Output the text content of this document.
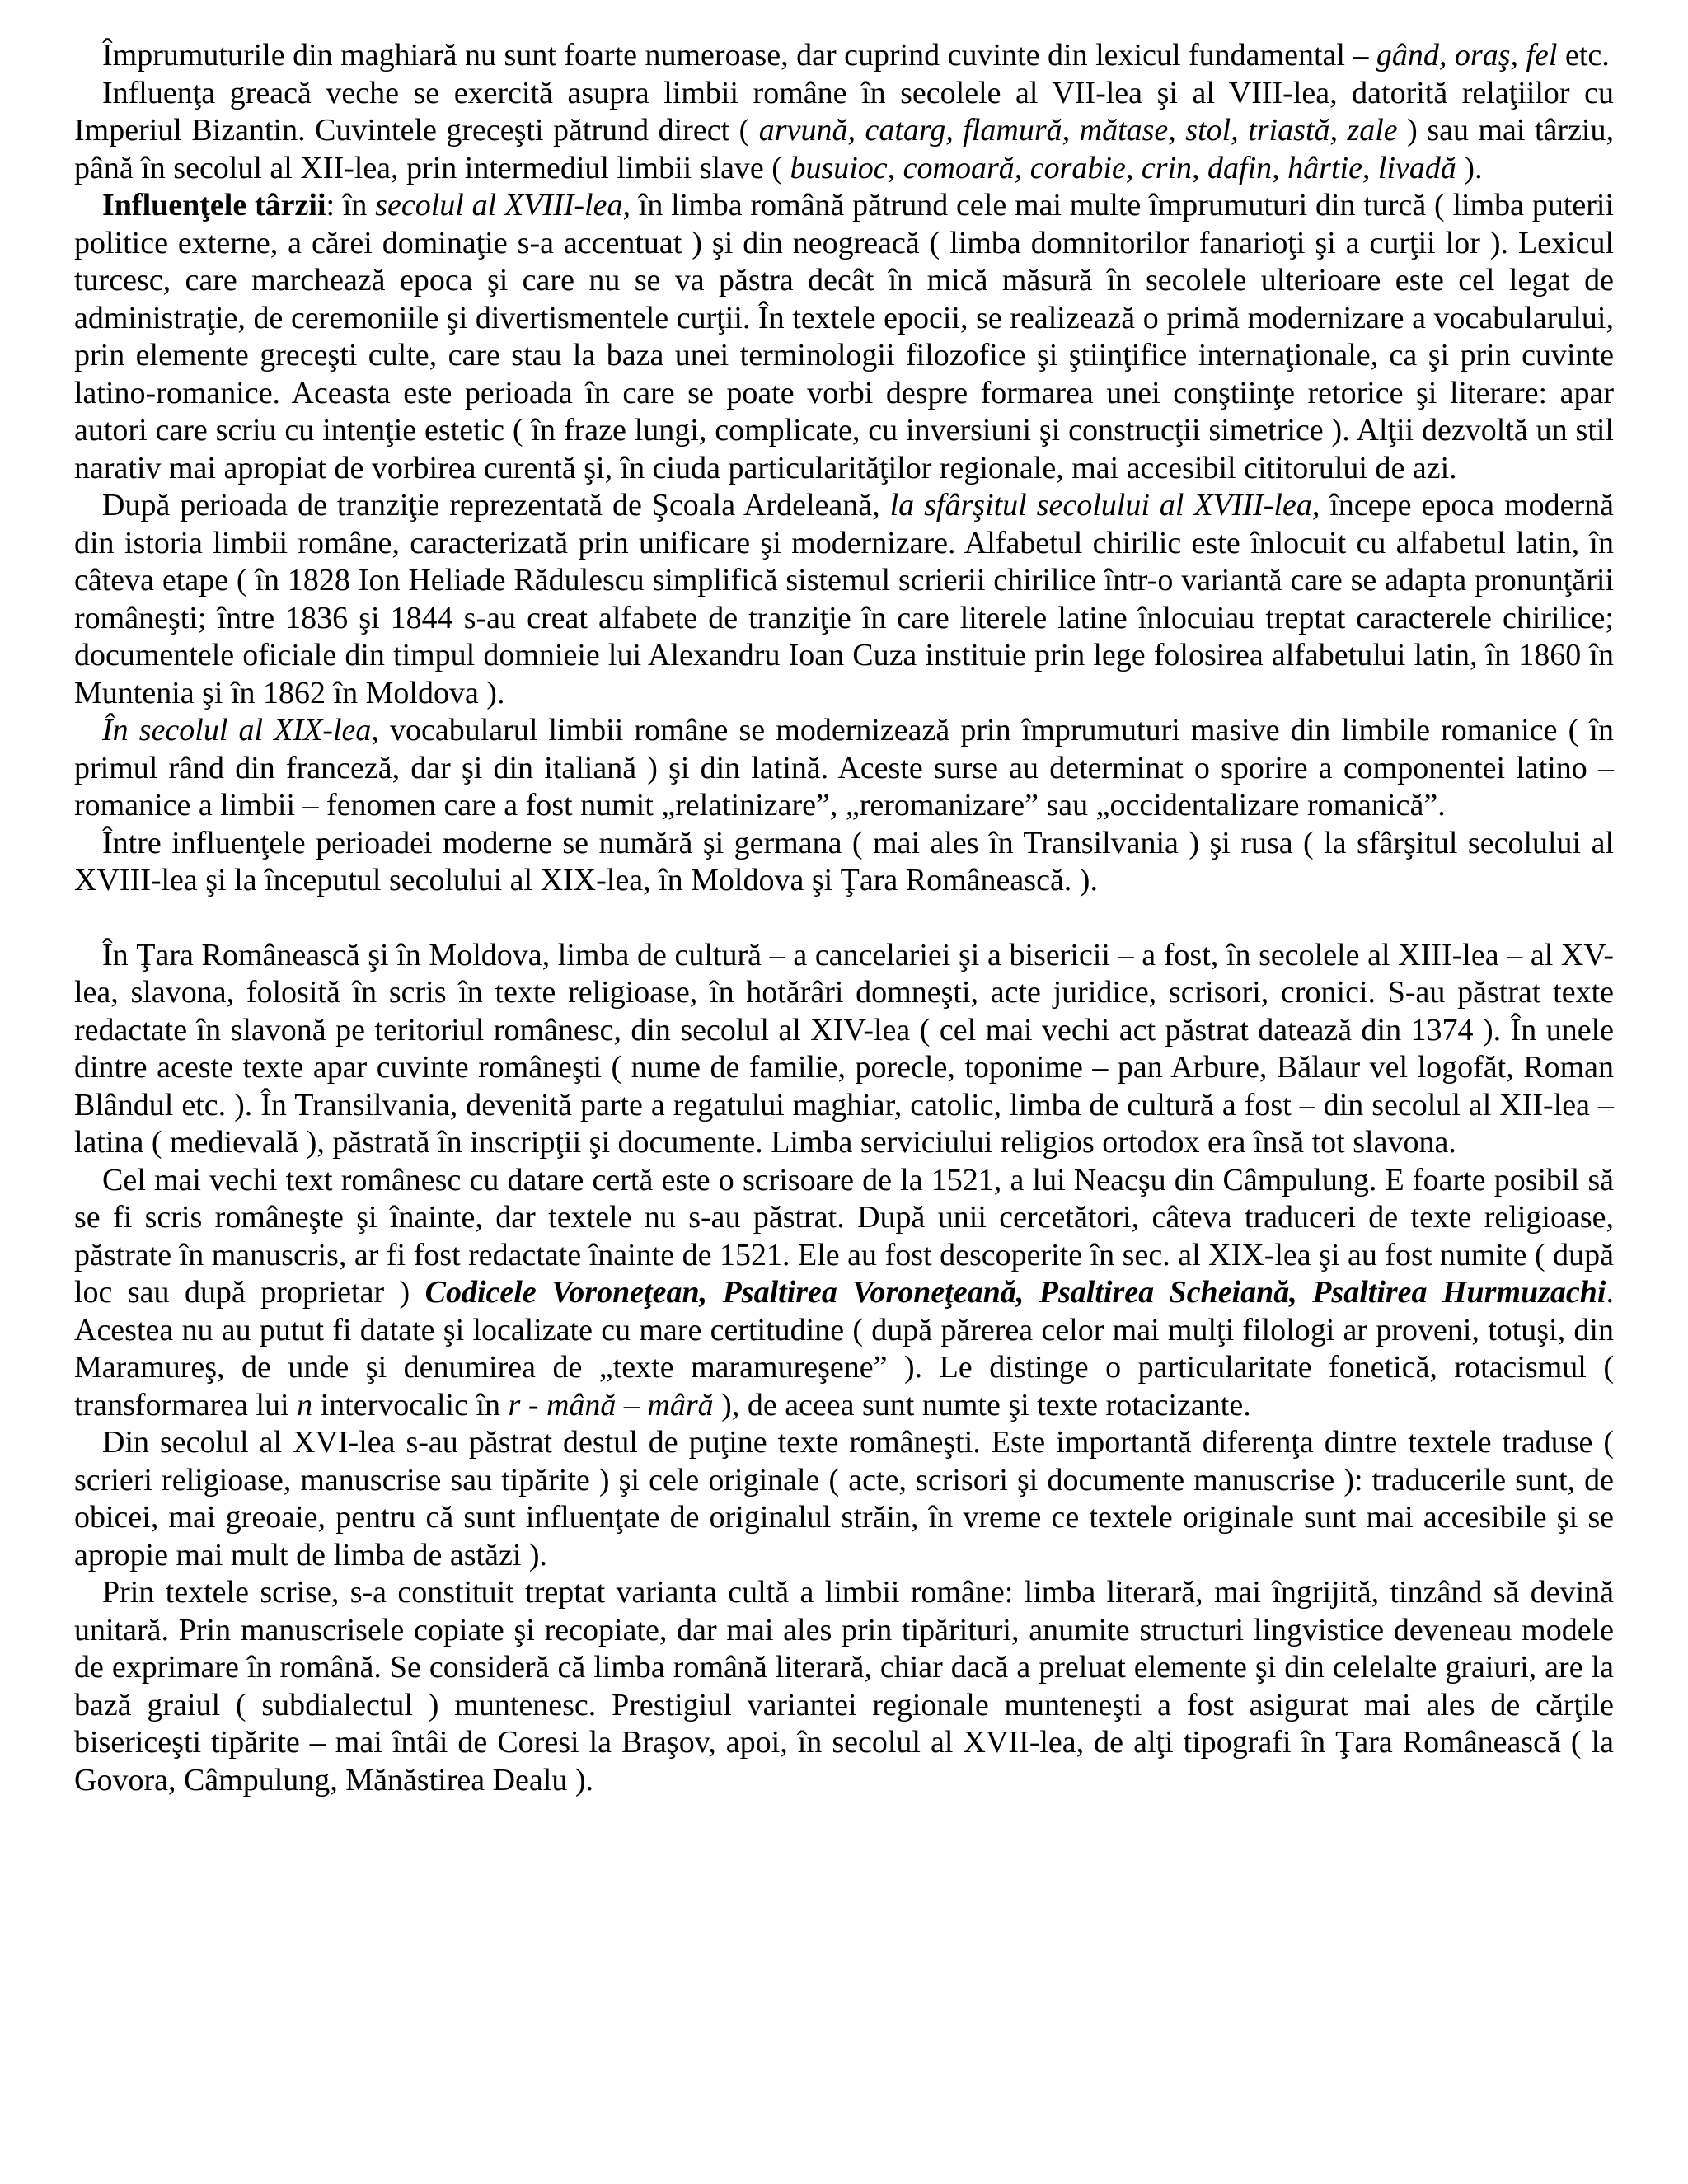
Împrumuturile din maghiară nu sunt foarte numeroase, dar cuprind cuvinte din lexicul fundamental – gând, oraş, fel etc.

Influenţa greacă veche se exercită asupra limbii române în secolele al VII-lea şi al VIII-lea, datorită relaţiilor cu Imperiul Bizantin. Cuvintele greceşti pătrund direct ( arvună, catarg, flamură, mătase, stol, triastă, zale ) sau mai târziu, până în secolul al XII-lea, prin intermediul limbii slave ( busuioc, comoară, corabie, crin, dafin, hârtie, livadă ).

Influenţele târzii: în secolul al XVIII-lea, în limba română pătrund cele mai multe împrumuturi din turcă ( limba puterii politice externe, a cărei dominaţie s-a accentuat ) şi din neogreacă ( limba domnitorilor fanarioţi şi a curţii lor ). Lexicul turcesc, care marchează epoca şi care nu se va păstra decât în mică măsură în secolele ulterioare este cel legat de administraţie, de ceremoniile şi divertismentele curţii. În textele epocii, se realizează o primă modernizare a vocabularului, prin elemente greceşti culte, care stau la baza unei terminologii filozofice şi ştiinţifice internaţionale, ca şi prin cuvinte latino-romanice. Aceasta este perioada în care se poate vorbi despre formarea unei conştiinţe retorice şi literare: apar autori care scriu cu intenţie estetic ( în fraze lungi, complicate, cu inversiuni şi construcţii simetrice ). Alţii dezvoltă un stil narativ mai apropiat de vorbirea curentă şi, în ciuda particularităţilor regionale, mai accesibil cititorului de azi.

După perioada de tranziţie reprezentată de Şcoala Ardeleană, la sfârşitul secolului al XVIII-lea, începe epoca modernă din istoria limbii române, caracterizată prin unificare şi modernizare. Alfabetul chirilic este înlocuit cu alfabetul latin, în câteva etape ( în 1828 Ion Heliade Rădulescu simplifică sistemul scrierii chirilice într-o variantă care se adapta pronunţării româneşti; între 1836 şi 1844 s-au creat alfabete de tranziţie în care literele latine înlocuiau treptat caracterele chirilice; documentele oficiale din timpul domnieie lui Alexandru Ioan Cuza instituie prin lege folosirea alfabetului latin, în 1860 în Muntenia şi în 1862 în Moldova ).

În secolul al XIX-lea, vocabularul limbii române se modernizează prin împrumuturi masive din limbile romanice ( în primul rând din franceză, dar şi din italiană ) şi din latină. Aceste surse au determinat o sporire a componentei latino – romanice a limbii – fenomen care a fost numit „relatinizare”, „reromanizare” sau „occidentalizare romanică”.

Între influenţele perioadei moderne se numără şi germana ( mai ales în Transilvania ) şi rusa ( la sfârşitul secolului al XVIII-lea şi la începutul secolului al XIX-lea, în Moldova şi Ţara Românească. ).

În Ţara Românească şi în Moldova, limba de cultură – a cancelariei şi a bisericii – a fost, în secolele al XIII-lea – al XV-lea, slavona, folosită în scris în texte religioase, în hotărâri domneşti, acte juridice, scrisori, cronici. S-au păstrat texte redactate în slavonă pe teritoriul românesc, din secolul al XIV-lea ( cel mai vechi act păstrat datează din 1374 ). În unele dintre aceste texte apar cuvinte româneşti ( nume de familie, porecle, toponime – pan Arbure, Bălaur vel logofăt, Roman Blândul etc. ). În Transilvania, devenită parte a regatului maghiar, catolic, limba de cultură a fost – din secolul al XII-lea – latina ( medievală ), păstrată în inscripţii şi documente. Limba serviciului religios ortodox era însă tot slavona.

Cel mai vechi text românesc cu datare certă este o scrisoare de la 1521, a lui Neacşu din Câmpulung. E foarte posibil să se fi scris româneşte şi înainte, dar textele nu s-au păstrat. După unii cercetători, câteva traduceri de texte religioase, păstrate în manuscris, ar fi fost redactate înainte de 1521. Ele au fost descoperite în sec. al XIX-lea şi au fost numite ( după loc sau după proprietar ) Codicele Voroneţean, Psaltirea Voroneţeană, Psaltirea Scheiană, Psaltirea Hurmuzachi. Acestea nu au putut fi datate şi localizate cu mare certitudine ( după părerea celor mai mulţi filologi ar proveni, totuşi, din Maramureş, de unde şi denumirea de „texte maramureşene” ). Le distinge o particularitate fonetică, rotacismul ( transformarea lui n intervocalic în r - mână – mâră ), de aceea sunt numte şi texte rotacizante.

Din secolul al XVI-lea s-au păstrat destul de puţine texte româneşti. Este importantă diferenţa dintre textele traduse ( scrieri religioase, manuscrise sau tipărite ) şi cele originale ( acte, scrisori şi documente manuscrise ): traducerile sunt, de obicei, mai greoaie, pentru că sunt influenţate de originalul străin, în vreme ce textele originale sunt mai accesibile şi se apropie mai mult de limba de astăzi ).

Prin textele scrise, s-a constituit treptat varianta cultă a limbii române: limba literară, mai îngrijită, tinzând să devină unitară. Prin manuscrisele copiate şi recopiate, dar mai ales prin tipărituri, anumite structuri lingvistice deveneau modele de exprimare în română. Se consideră că limba română literară, chiar dacă a preluat elemente şi din celelalte graiuri, are la bază graiul ( subdialectul ) muntenesc. Prestigiul variantei regionale munteneşti a fost asigurat mai ales de cărţile bisericeşti tipărite – mai întâi de Coresi la Braşov, apoi, în secolul al XVII-lea, de alţi tipografi în Ţara Românească ( la Govora, Câmpulung, Mănăstirea Dealu ).
